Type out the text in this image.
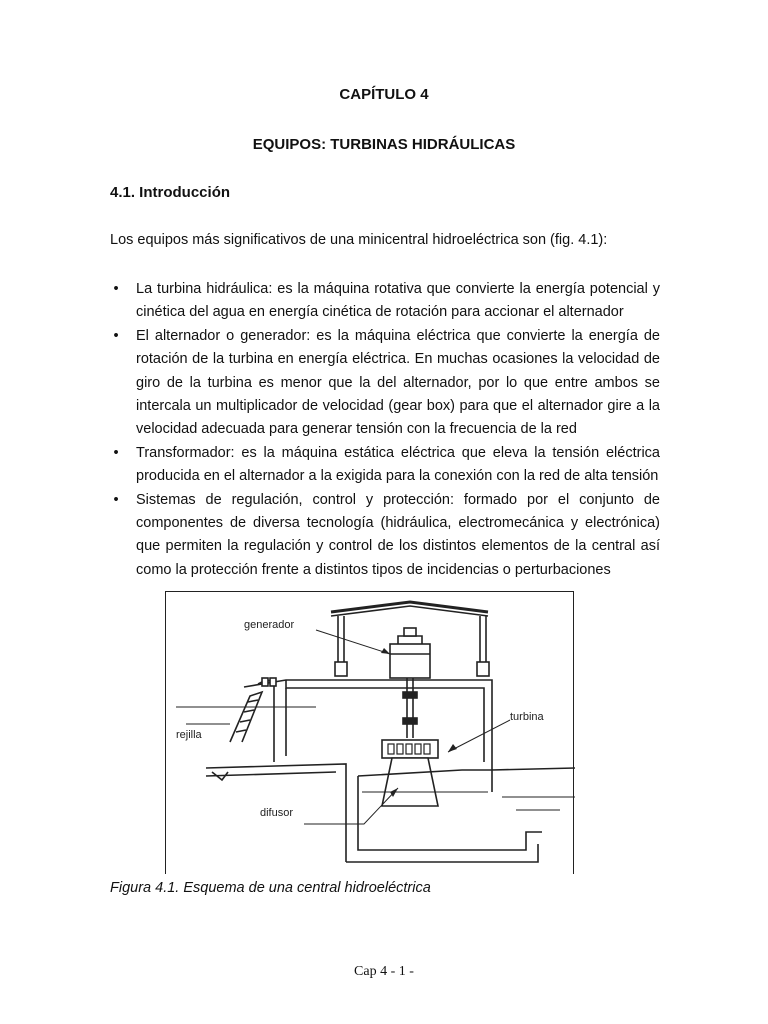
CAPÍTULO 4
EQUIPOS: TURBINAS HIDRÁULICAS
4.1. Introducción
Los equipos más significativos de una minicentral hidroeléctrica son (fig. 4.1):
• La turbina hidráulica: es la máquina rotativa que convierte la energía potencial y cinética del agua en energía cinética de rotación para accionar el alternador
• El alternador o generador: es la máquina eléctrica que convierte la energía de rotación de la turbina en energía eléctrica. En muchas ocasiones la velocidad de giro de la turbina es menor que la del alternador, por lo que entre ambos se intercala un multiplicador de velocidad (gear box) para que el alternador gire a la velocidad adecuada para generar tensión con la frecuencia de la red
• Transformador: es la máquina estática eléctrica que eleva la tensión eléctrica producida en el alternador a la exigida para la conexión con la red de alta tensión
• Sistemas de regulación, control y protección: formado por el conjunto de componentes de diversa tecnología (hidráulica, electromecánica y electrónica) que permiten la regulación y control de los distintos elementos de la central así como la protección frente a distintos tipos de incidencias o perturbaciones
generador
rejilla
turbina
difusor
Figura 4.1. Esquema de una central hidroeléctrica
Cap 4 - 1 -
